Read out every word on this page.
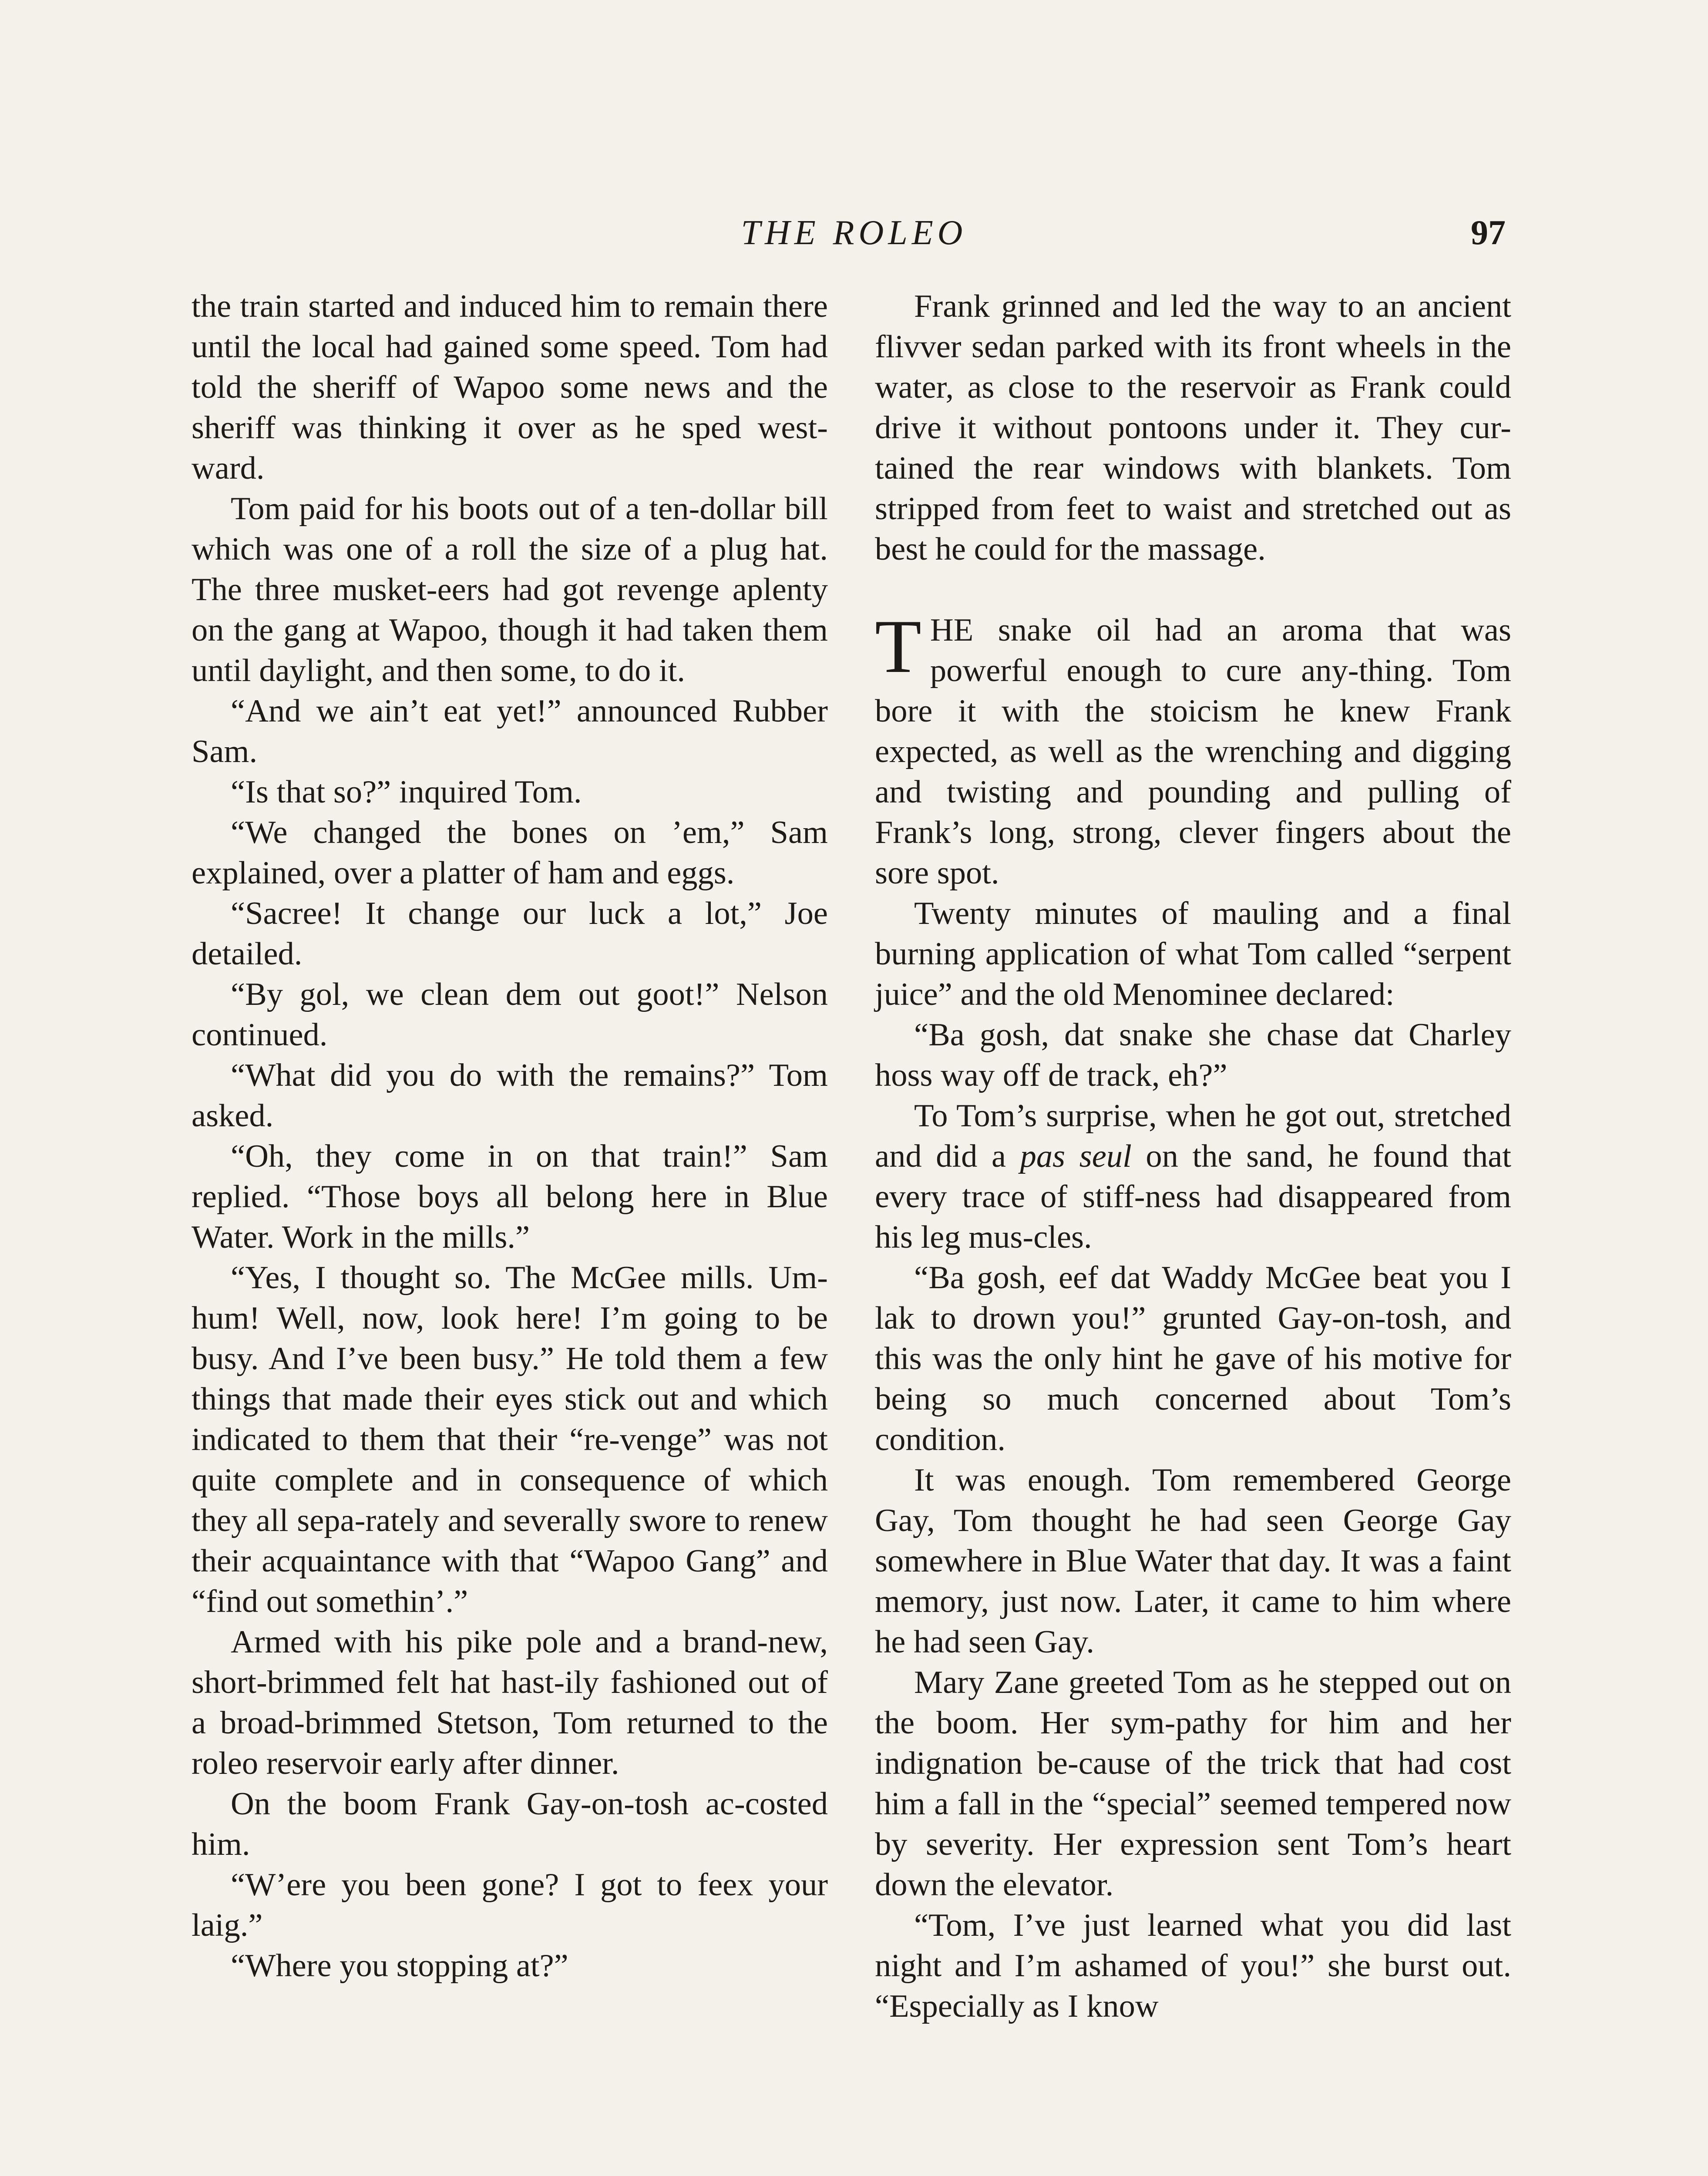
THE ROLEO	97

the train started and induced him to remain there until the local had gained some speed. Tom had told the sheriff of Wapoo some news and the sheriff was thinking it over as he sped west-ward.

Tom paid for his boots out of a ten-dollar bill which was one of a roll the size of a plug hat. The three musket-eers had got revenge aplenty on the gang at Wapoo, though it had taken them until daylight, and then some, to do it.

“And we ain’t eat yet!” announced Rubber Sam.

“Is that so?” inquired Tom.

“We changed the bones on ’em,” Sam explained, over a platter of ham and eggs.

“Sacree! It change our luck a lot,” Joe detailed.

“By gol, we clean dem out goot!” Nelson continued.

“What did you do with the remains?” Tom asked.

“Oh, they come in on that train!” Sam replied. “Those boys all belong here in Blue Water. Work in the mills.”

“Yes, I thought so. The McGee mills. Um-hum! Well, now, look here! I’m going to be busy. And I’ve been busy.” He told them a few things that made their eyes stick out and which indicated to them that their “re-venge” was not quite complete and in consequence of which they all sepa-rately and severally swore to renew their acquaintance with that “Wapoo Gang” and “find out somethin’.”

Armed with his pike pole and a brand-new, short-brimmed felt hat hast-ily fashioned out of a broad-brimmed Stetson, Tom returned to the roleo reservoir early after dinner.

On the boom Frank Gay-on-tosh ac-costed him.

“W’ere you been gone? I got to feex your laig.”

“Where you stopping at?”

Frank grinned and led the way to an ancient flivver sedan parked with its front wheels in the water, as close to the reservoir as Frank could drive it without pontoons under it. They cur-tained the rear windows with blankets. Tom stripped from feet to waist and stretched out as best he could for the massage.

THE snake oil had an aroma that was powerful enough to cure any-thing. Tom bore it with the stoicism he knew Frank expected, as well as the wrenching and digging and twisting and pounding and pulling of Frank’s long, strong, clever fingers about the sore spot.

Twenty minutes of mauling and a final burning application of what Tom called “serpent juice” and the old Menominee declared:

“Ba gosh, dat snake she chase dat Charley hoss way off de track, eh?”

To Tom’s surprise, when he got out, stretched and did a pas seul on the sand, he found that every trace of stiff-ness had disappeared from his leg mus-cles.

“Ba gosh, eef dat Waddy McGee beat you I lak to drown you!” grunted Gay-on-tosh, and this was the only hint he gave of his motive for being so much concerned about Tom’s condition.

It was enough. Tom remembered George Gay, Tom thought he had seen George Gay somewhere in Blue Water that day. It was a faint memory, just now. Later, it came to him where he had seen Gay.

Mary Zane greeted Tom as he stepped out on the boom. Her sym-pathy for him and her indignation be-cause of the trick that had cost him a fall in the “special” seemed tempered now by severity. Her expression sent Tom’s heart down the elevator.

“Tom, I’ve just learned what you did last night and I’m ashamed of you!” she burst out. “Especially as I know
